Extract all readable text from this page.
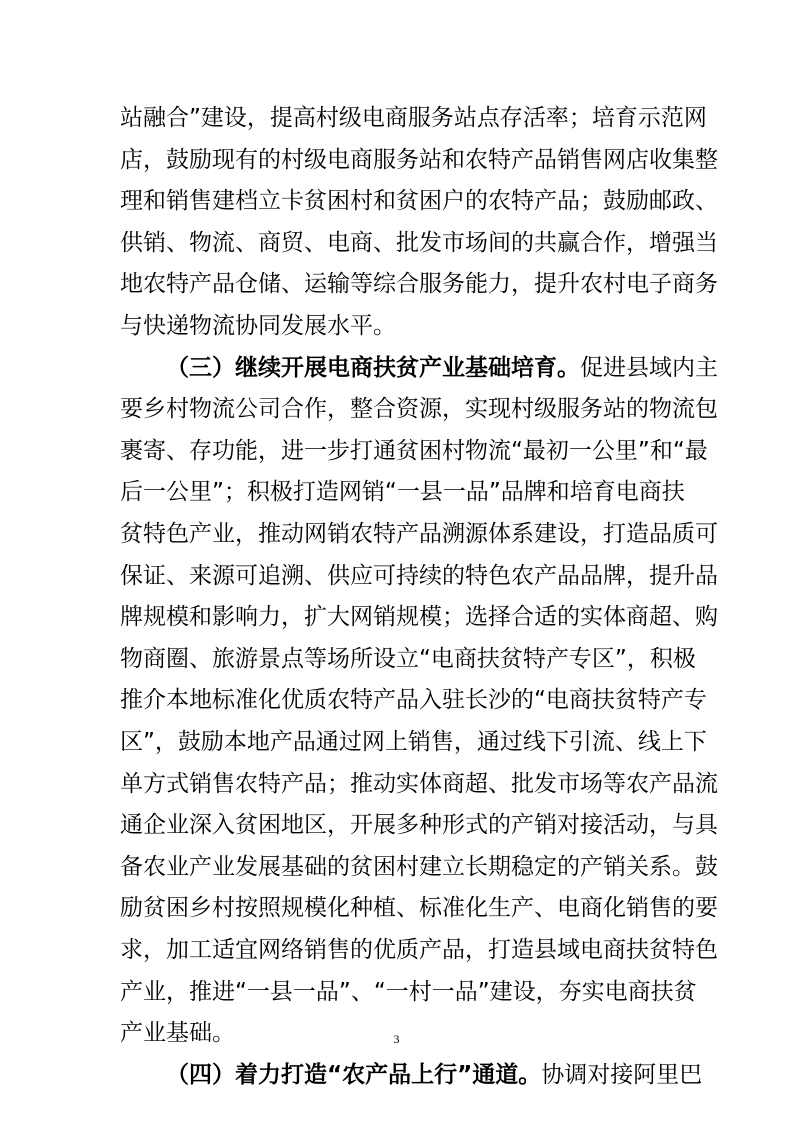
站融合”建设，提高村级电商服务站点存活率；培育示范网
店，鼓励现有的村级电商服务站和农特产品销售网店收集整
理和销售建档立卡贫困村和贫困户的农特产品；鼓励邮政、
供销、物流、商贸、电商、批发市场间的共赢合作，增强当
地农特产品仓储、运输等综合服务能力，提升农村电子商务
与快递物流协同发展水平。
（三）继续开展电商扶贫产业基础培育。促进县域内主
要乡村物流公司合作，整合资源，实现村级服务站的物流包
裹寄、存功能，进一步打通贫困村物流“最初一公里”和“最
后一公里”；积极打造网销“一县一品”品牌和培育电商扶
贫特色产业，推动网销农特产品溯源体系建设，打造品质可
保证、来源可追溯、供应可持续的特色农产品品牌，提升品
牌规模和影响力，扩大网销规模；选择合适的实体商超、购
物商圈、旅游景点等场所设立“电商扶贫特产专区”，积极
推介本地标准化优质农特产品入驻长沙的“电商扶贫特产专
区”，鼓励本地产品通过网上销售，通过线下引流、线上下
单方式销售农特产品；推动实体商超、批发市场等农产品流
通企业深入贫困地区，开展多种形式的产销对接活动，与具
备农业产业发展基础的贫困村建立长期稳定的产销关系。鼓
励贫困乡村按照规模化种植、标准化生产、电商化销售的要
求，加工适宜网络销售的优质产品，打造县域电商扶贫特色
产业，推进“一县一品”、“一村一品”建设，夯实电商扶贫
产业基础。
（四）着力打造“农产品上行”通道。协调对接阿里巴
3
